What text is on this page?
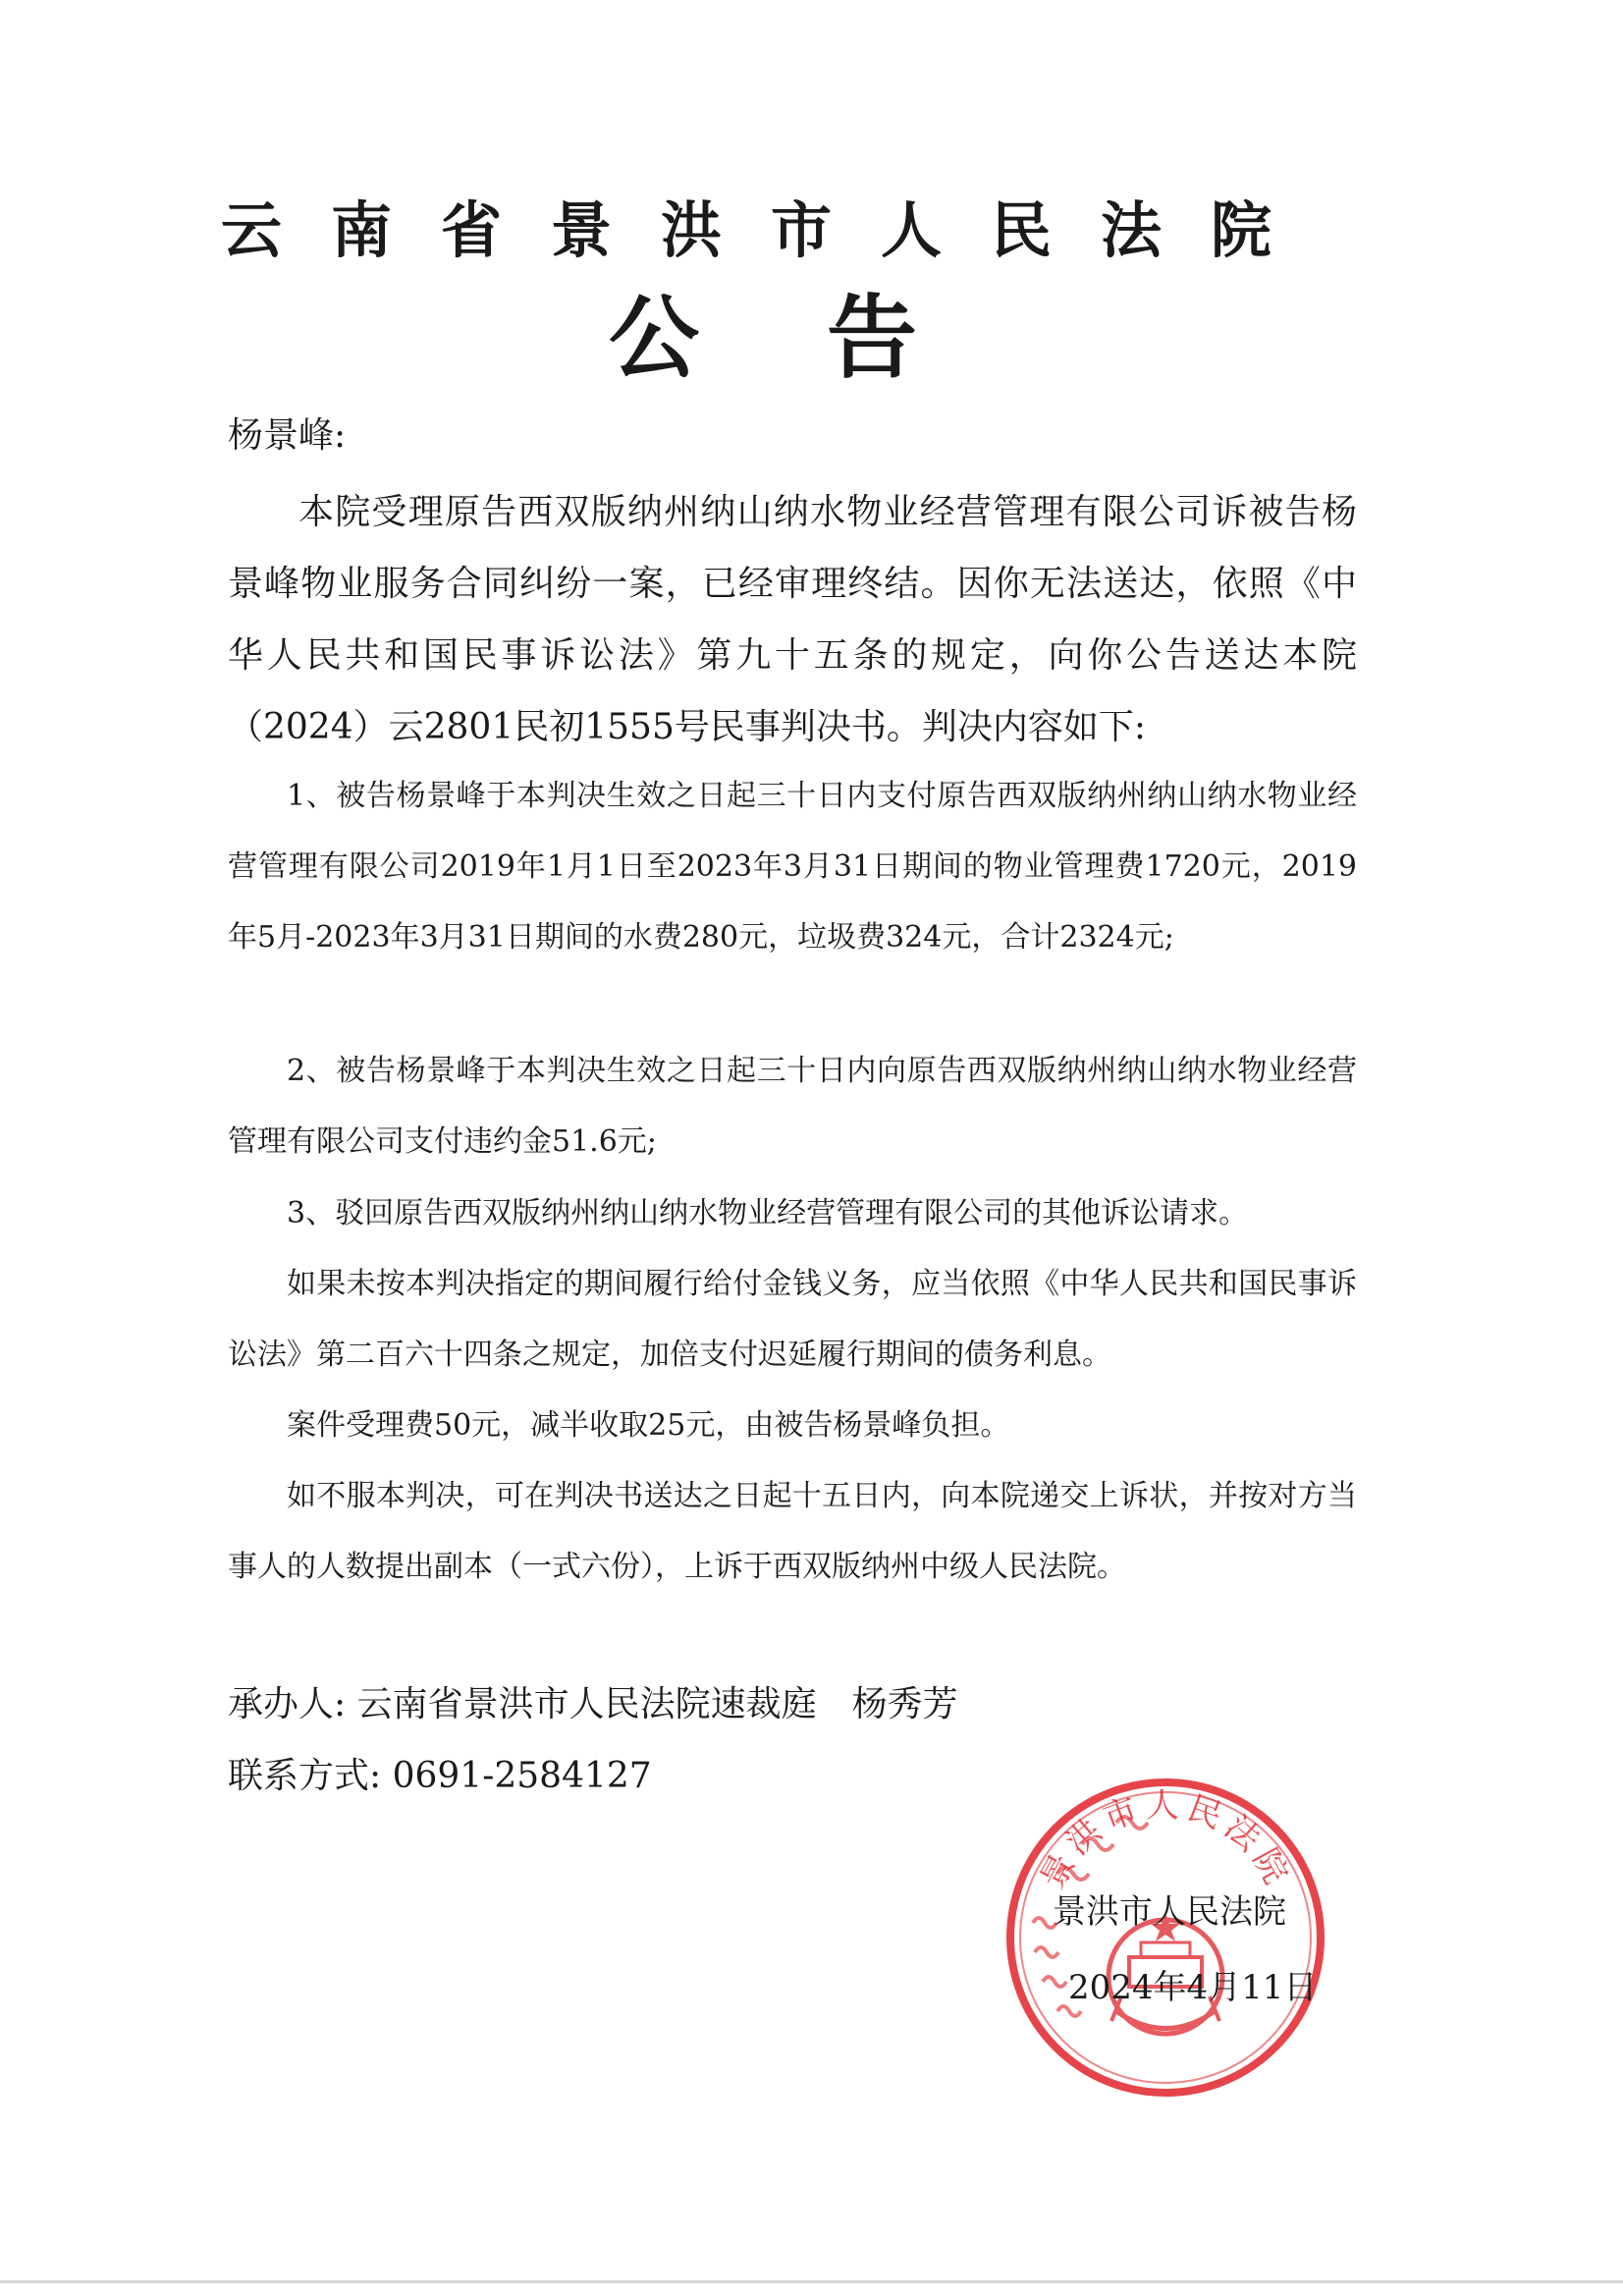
云南省景洪市人民法院
公告
杨景峰:
本院受理原告西双版纳州纳山纳水物业经营管理有限公司诉被告杨景峰物业服务合同纠纷一案，已经审理终结。因你无法送达，依照《中华人民共和国民事诉讼法》第九十五条的规定，向你公告送达本院（2024）云2801民初1555号民事判决书。判决内容如下:
1、被告杨景峰于本判决生效之日起三十日内支付原告西双版纳州纳山纳水物业经营管理有限公司2019年1月1日至2023年3月31日期间的物业管理费1720元，2019年5月-2023年3月31日期间的水费280元，垃圾费324元，合计2324元;
2、被告杨景峰于本判决生效之日起三十日内向原告西双版纳州纳山纳水物业经营管理有限公司支付违约金51.6元;
3、驳回原告西双版纳州纳山纳水物业经营管理有限公司的其他诉讼请求。
如果未按本判决指定的期间履行给付金钱义务，应当依照《中华人民共和国民事诉讼法》第二百六十四条之规定，加倍支付迟延履行期间的债务利息。
案件受理费50元，减半收取25元，由被告杨景峰负担。
如不服本判决，可在判决书送达之日起十五日内，向本院递交上诉状，并按对方当事人的人数提出副本（一式六份），上诉于西双版纳州中级人民法院。
承办人: 云南省景洪市人民法院速裁庭　杨秀芳
联系方式: 0691-2584127
景洪市人民法院
景洪市人民法院
2024年4月11日
